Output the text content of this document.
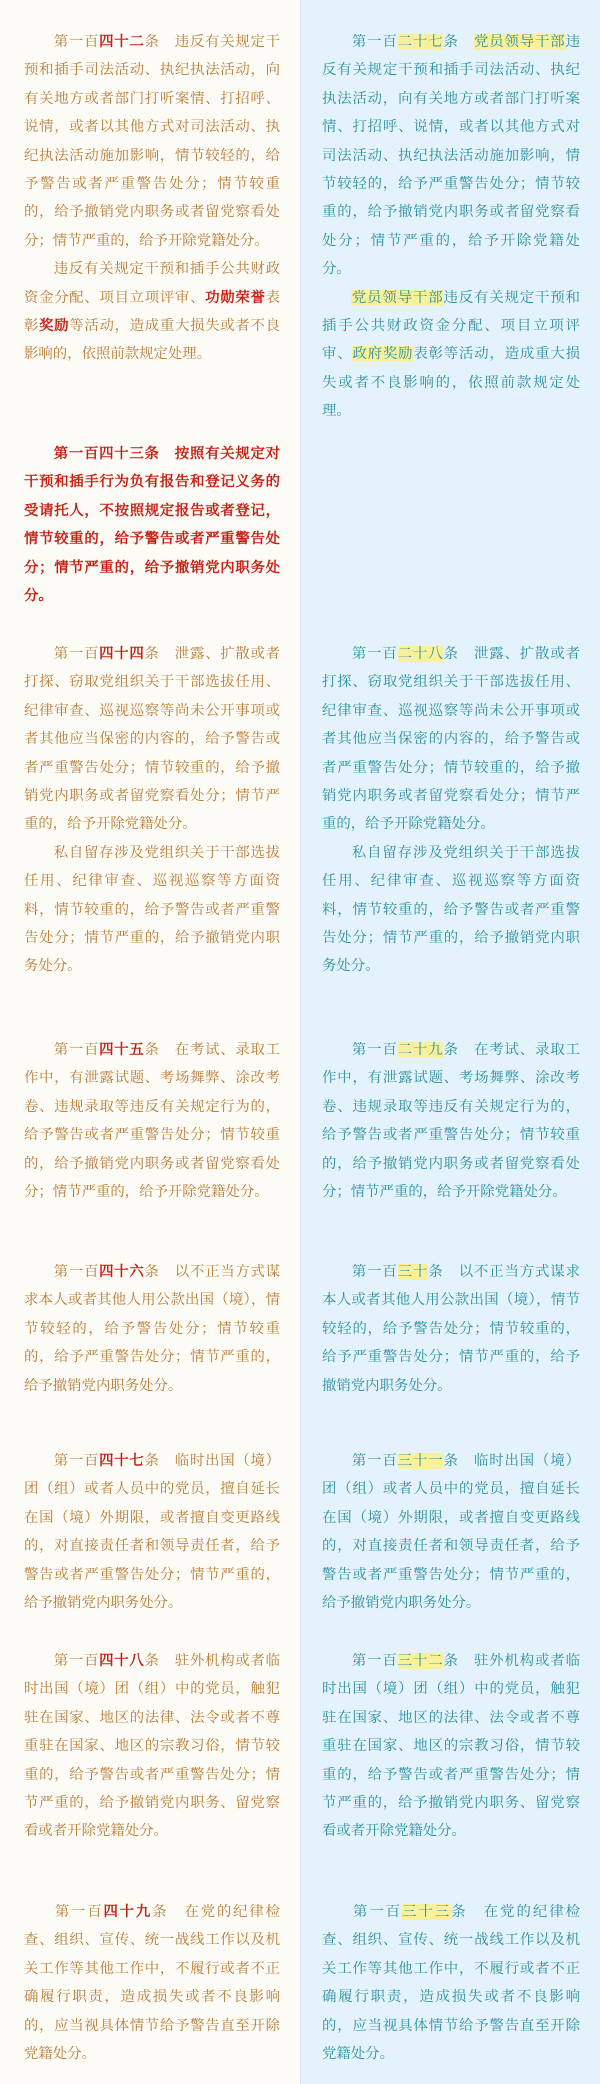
第一百四十二条　违反有关规定干预和插手司法活动、执纪执法活动，向有关地方或者部门打听案情、打招呼、说情，或者以其他方式对司法活动、执纪执法活动施加影响，情节较轻的，给予警告或者严重警告处分；情节较重的，给予撤销党内职务或者留党察看处分；情节严重的，给予开除党籍处分。

违反有关规定干预和插手公共财政资金分配、项目立项评审、功勋荣誉表彰奖励等活动，造成重大损失或者不良影响的，依照前款规定处理。

第一百四十三条　按照有关规定对干预和插手行为负有报告和登记义务的受请托人，不按照规定报告或者登记，情节较重的，给予警告或者严重警告处分；情节严重的，给予撤销党内职务处分。

第一百四十四条　泄露、扩散或者打探、窃取党组织关于干部选拔任用、纪律审查、巡视巡察等尚未公开事项或者其他应当保密的内容的，给予警告或者严重警告处分；情节较重的，给予撤销党内职务或者留党察看处分；情节严重的，给予开除党籍处分。

私自留存涉及党组织关于干部选拔任用、纪律审查、巡视巡察等方面资料，情节较重的，给予警告或者严重警告处分；情节严重的，给予撤销党内职务处分。

第一百四十五条　在考试、录取工作中，有泄露试题、考场舞弊、涂改考卷、违规录取等违反有关规定行为的，给予警告或者严重警告处分；情节较重的，给予撤销党内职务或者留党察看处分；情节严重的，给予开除党籍处分。

第一百四十六条　以不正当方式谋求本人或者其他人用公款出国（境），情节较轻的，给予警告处分；情节较重的，给予严重警告处分；情节严重的，给予撤销党内职务处分。

第一百四十七条　临时出国（境）团（组）或者人员中的党员，擅自延长在国（境）外期限，或者擅自变更路线的，对直接责任者和领导责任者，给予警告或者严重警告处分；情节严重的，给予撤销党内职务处分。

第一百四十八条　驻外机构或者临时出国（境）团（组）中的党员，触犯驻在国家、地区的法律、法令或者不尊重驻在国家、地区的宗教习俗，情节较重的，给予警告或者严重警告处分；情节严重的，给予撤销党内职务、留党察看或者开除党籍处分。

第一百四十九条　在党的纪律检查、组织、宣传、统一战线工作以及机关工作等其他工作中，不履行或者不正确履行职责，造成损失或者不良影响的，应当视具体情节给予警告直至开除党籍处分。

第一百二十七条　党员领导干部违反有关规定干预和插手司法活动、执纪执法活动，向有关地方或者部门打听案情、打招呼、说情，或者以其他方式对司法活动、执纪执法活动施加影响，情节较轻的，给予严重警告处分；情节较重的，给予撤销党内职务或者留党察看处分；情节严重的，给予开除党籍处分。

党员领导干部违反有关规定干预和插手公共财政资金分配、项目立项评审、政府奖励表彰等活动，造成重大损失或者不良影响的，依照前款规定处理。

第一百二十八条　泄露、扩散或者打探、窃取党组织关于干部选拔任用、纪律审查、巡视巡察等尚未公开事项或者其他应当保密的内容的，给予警告或者严重警告处分；情节较重的，给予撤销党内职务或者留党察看处分；情节严重的，给予开除党籍处分。

私自留存涉及党组织关于干部选拔任用、纪律审查、巡视巡察等方面资料，情节较重的，给予警告或者严重警告处分；情节严重的，给予撤销党内职务处分。

第一百二十九条　在考试、录取工作中，有泄露试题、考场舞弊、涂改考卷、违规录取等违反有关规定行为的，给予警告或者严重警告处分；情节较重的，给予撤销党内职务或者留党察看处分；情节严重的，给予开除党籍处分。

第一百三十条　以不正当方式谋求本人或者其他人用公款出国（境），情节较轻的，给予警告处分；情节较重的，给予严重警告处分；情节严重的，给予撤销党内职务处分。

第一百三十一条　临时出国（境）团（组）或者人员中的党员，擅自延长在国（境）外期限，或者擅自变更路线的，对直接责任者和领导责任者，给予警告或者严重警告处分；情节严重的，给予撤销党内职务处分。

第一百三十二条　驻外机构或者临时出国（境）团（组）中的党员，触犯驻在国家、地区的法律、法令或者不尊重驻在国家、地区的宗教习俗，情节较重的，给予警告或者严重警告处分；情节严重的，给予撤销党内职务、留党察看或者开除党籍处分。

第一百三十三条　在党的纪律检查、组织、宣传、统一战线工作以及机关工作等其他工作中，不履行或者不正确履行职责，造成损失或者不良影响的，应当视具体情节给予警告直至开除党籍处分。
